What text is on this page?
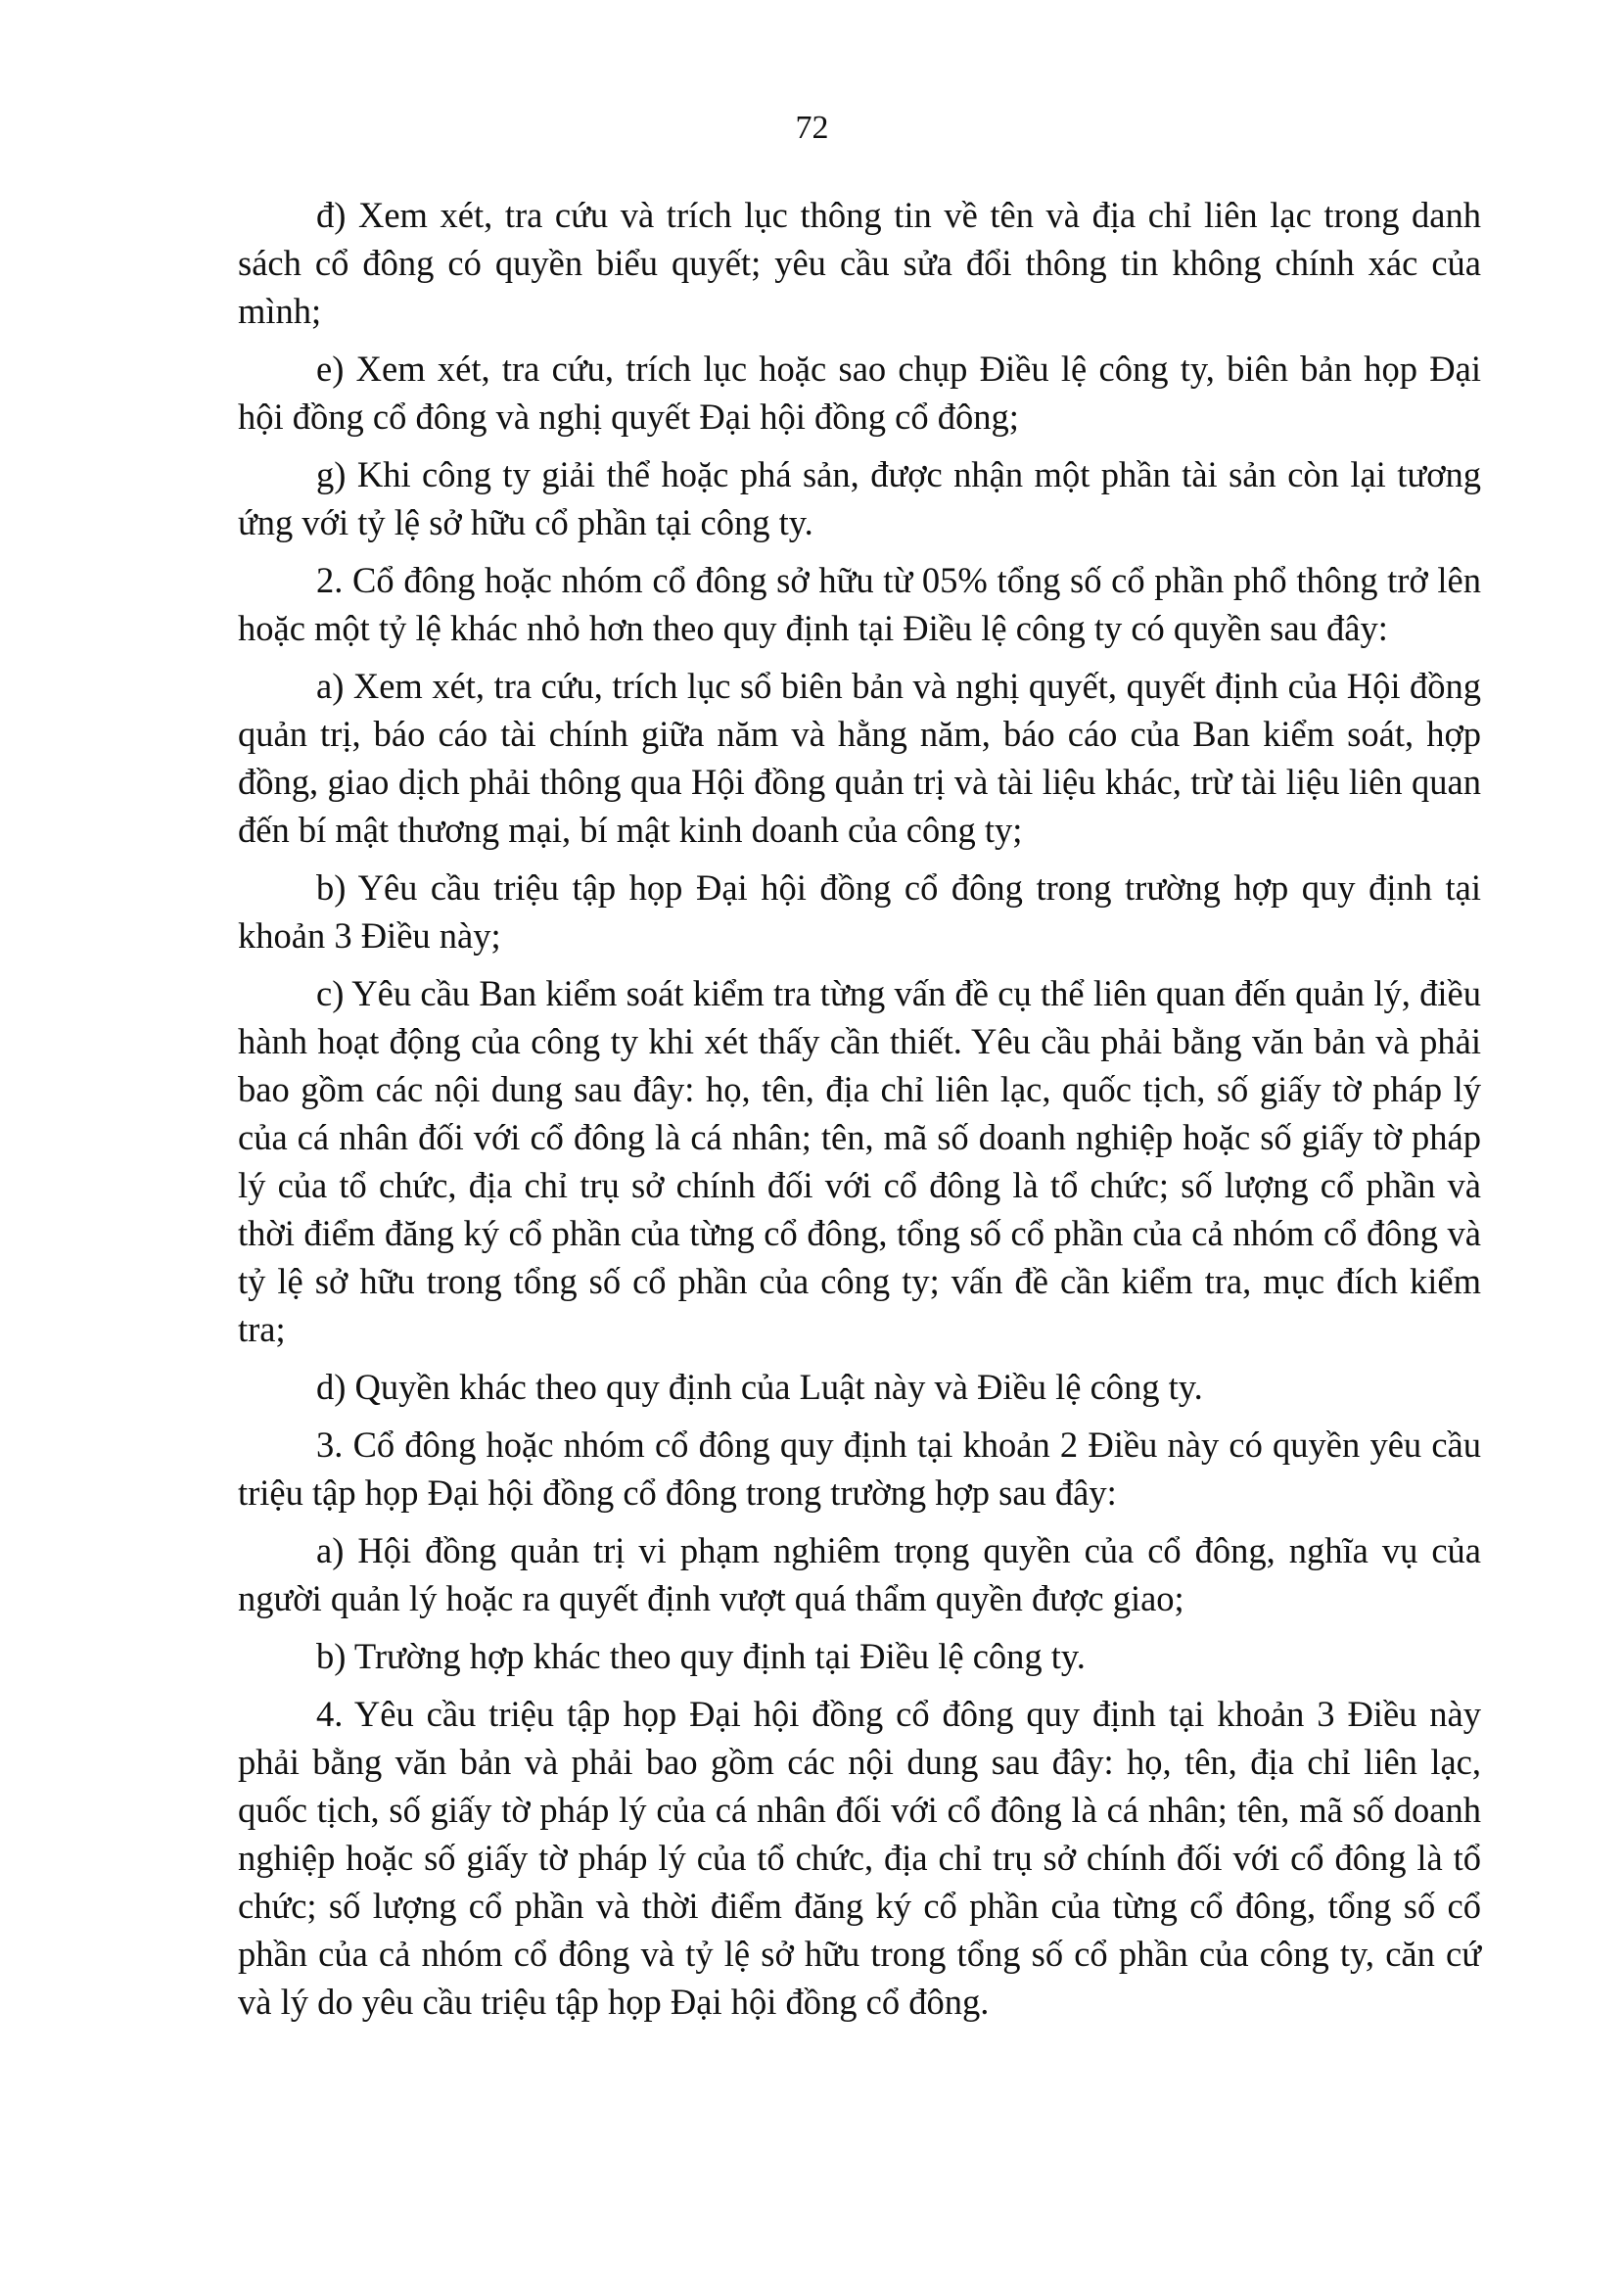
72

đ) Xem xét, tra cứu và trích lục thông tin về tên và địa chỉ liên lạc trong danh sách cổ đông có quyền biểu quyết; yêu cầu sửa đổi thông tin không chính xác của mình;

e) Xem xét, tra cứu, trích lục hoặc sao chụp Điều lệ công ty, biên bản họp Đại hội đồng cổ đông và nghị quyết Đại hội đồng cổ đông;

g) Khi công ty giải thể hoặc phá sản, được nhận một phần tài sản còn lại tương ứng với tỷ lệ sở hữu cổ phần tại công ty.

2. Cổ đông hoặc nhóm cổ đông sở hữu từ 05% tổng số cổ phần phổ thông trở lên hoặc một tỷ lệ khác nhỏ hơn theo quy định tại Điều lệ công ty có quyền sau đây:

a) Xem xét, tra cứu, trích lục sổ biên bản và nghị quyết, quyết định của Hội đồng quản trị, báo cáo tài chính giữa năm và hằng năm, báo cáo của Ban kiểm soát, hợp đồng, giao dịch phải thông qua Hội đồng quản trị và tài liệu khác, trừ tài liệu liên quan đến bí mật thương mại, bí mật kinh doanh của công ty;

b) Yêu cầu triệu tập họp Đại hội đồng cổ đông trong trường hợp quy định tại khoản 3 Điều này;

c) Yêu cầu Ban kiểm soát kiểm tra từng vấn đề cụ thể liên quan đến quản lý, điều hành hoạt động của công ty khi xét thấy cần thiết. Yêu cầu phải bằng văn bản và phải bao gồm các nội dung sau đây: họ, tên, địa chỉ liên lạc, quốc tịch, số giấy tờ pháp lý của cá nhân đối với cổ đông là cá nhân; tên, mã số doanh nghiệp hoặc số giấy tờ pháp lý của tổ chức, địa chỉ trụ sở chính đối với cổ đông là tổ chức; số lượng cổ phần và thời điểm đăng ký cổ phần của từng cổ đông, tổng số cổ phần của cả nhóm cổ đông và tỷ lệ sở hữu trong tổng số cổ phần của công ty; vấn đề cần kiểm tra, mục đích kiểm tra;

d) Quyền khác theo quy định của Luật này và Điều lệ công ty.

3. Cổ đông hoặc nhóm cổ đông quy định tại khoản 2 Điều này có quyền yêu cầu triệu tập họp Đại hội đồng cổ đông trong trường hợp sau đây:

a) Hội đồng quản trị vi phạm nghiêm trọng quyền của cổ đông, nghĩa vụ của người quản lý hoặc ra quyết định vượt quá thẩm quyền được giao;

b) Trường hợp khác theo quy định tại Điều lệ công ty.

4. Yêu cầu triệu tập họp Đại hội đồng cổ đông quy định tại khoản 3 Điều này phải bằng văn bản và phải bao gồm các nội dung sau đây: họ, tên, địa chỉ liên lạc, quốc tịch, số giấy tờ pháp lý của cá nhân đối với cổ đông là cá nhân; tên, mã số doanh nghiệp hoặc số giấy tờ pháp lý của tổ chức, địa chỉ trụ sở chính đối với cổ đông là tổ chức; số lượng cổ phần và thời điểm đăng ký cổ phần của từng cổ đông, tổng số cổ phần của cả nhóm cổ đông và tỷ lệ sở hữu trong tổng số cổ phần của công ty, căn cứ và lý do yêu cầu triệu tập họp Đại hội đồng cổ đông.
